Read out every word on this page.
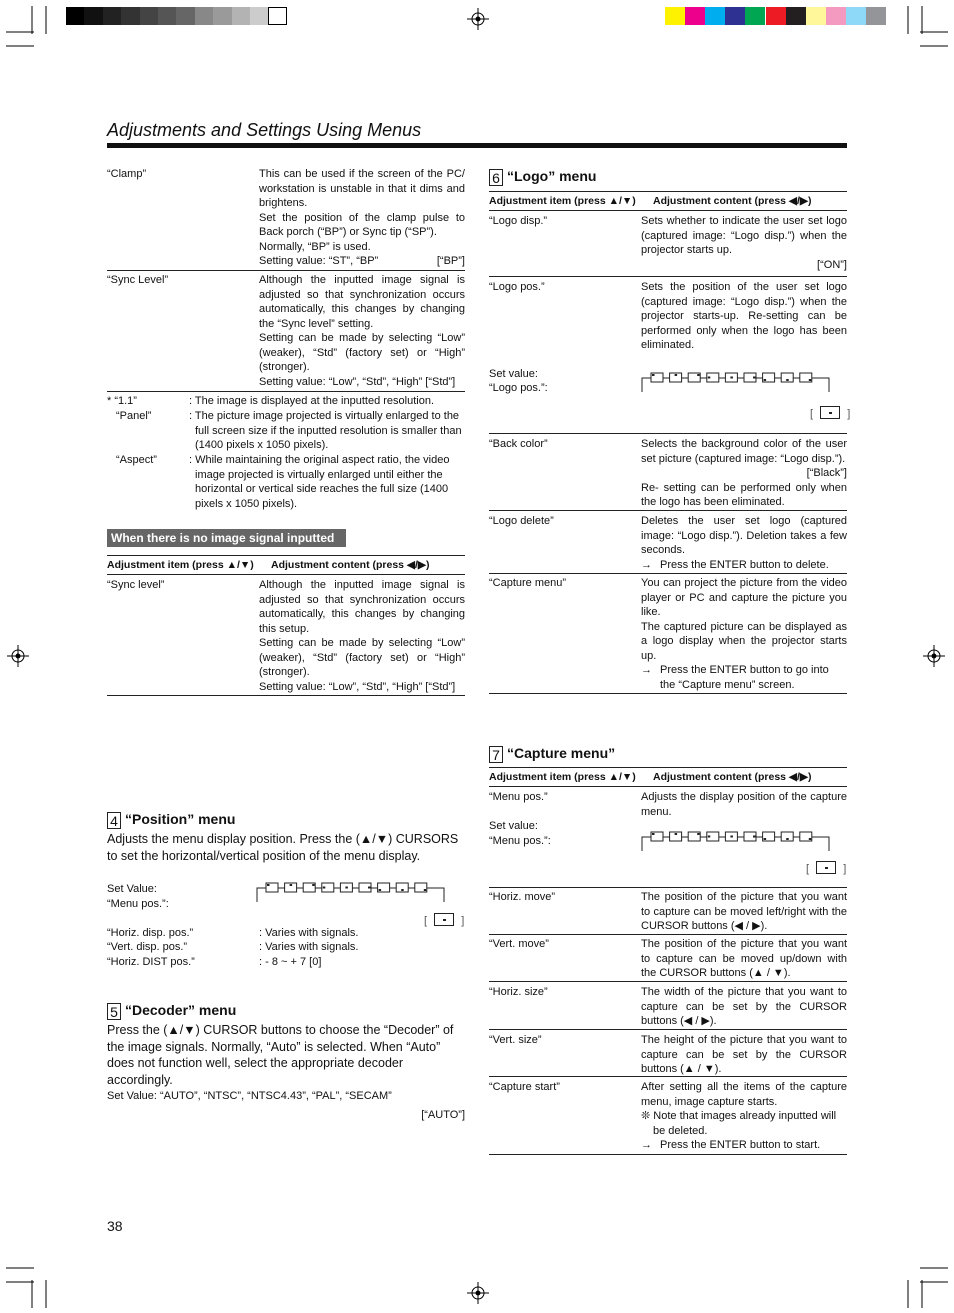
Adjustments and Settings Using Menus
“Clamp”	This can be used if the screen of the PC/ workstation is unstable in that it dims and brightens.
Set the position of the clamp pulse to Back porch (“BP”) or Sync tip (“SP”).
Normally, “BP” is used.
Setting value: “ST”, “BP”	[“BP”]
“Sync Level”	Although the inputted image signal is adjusted so that synchronization occurs automatically, this changes by changing the “Sync level” setting.
Setting can be made by selecting “Low” (weaker), “Std” (factory set) or “High” (stronger).
Setting value: “Low”, “Std”, “High” [“Std”]
* “1.1”	: The image is displayed at the inputted resolution.
“Panel”	: The picture image projected is virtually enlarged to the full screen size if the inputted resolution is smaller than (1400 pixels x 1050 pixels).
“Aspect”	: While maintaining the original aspect ratio, the video image projected is virtually enlarged until either the horizontal or vertical side reaches the full size (1400 pixels x 1050 pixels).
When there is no image signal inputted
Adjustment item (press ▲/▼) Adjustment content (press ◀/▶)
“Sync level”	Although the inputted image signal is adjusted so that synchronization occurs automatically, this changes by changing this setup.
Setting can be made by selecting “Low” (weaker), “Std” (factory set) or “High” (stronger).
Setting value: “Low”, “Std”, “High” [“Std”]
4 “Position” menu
Adjusts the menu display position. Press the (▲/▼) CURSORS to set the horizontal/vertical position of the menu display.
Set Value:
“Menu pos.”:
[	]
“Horiz. disp. pos.”	: Varies with signals.
“Vert. disp. pos.”	: Varies with signals.
“Horiz. DIST pos.”	: - 8 ~ + 7 [0]
5 “Decoder” menu
Press the (▲/▼) CURSOR buttons to choose the “Decoder” of the image signals. Normally, “Auto” is selected. When “Auto” does not function well, select the appropriate decoder accordingly.
Set Value: “AUTO”, “NTSC”, “NTSC4.43”, “PAL”, “SECAM”
[“AUTO”]
38
6 “Logo” menu
Adjustment item (press ▲/▼) Adjustment content (press ◀/▶)
“Logo disp.”	Sets whether to indicate the user set logo (captured image: “Logo disp.”) when the projector starts up.
[“ON”]
“Logo pos.”	Sets the position of the user set logo (captured image: “Logo disp.”) when the projector starts-up. Re-setting can be performed only when the logo has been eliminated.
Set value:
“Logo pos.”:
[	]
“Back color”	Selects the background color of the user set picture (captured image: “Logo disp.”).
[“Black”]
Re- setting can be performed only when the logo has been eliminated.
“Logo delete”	Deletes the user set logo (captured image: “Logo disp.”). Deletion takes a few seconds.
→ Press the ENTER button to delete.
“Capture menu”	You can project the picture from the video player or PC and capture the picture you like.
The captured picture can be displayed as a logo display when the projector starts up.
→ Press the ENTER button to go into the “Capture menu” screen.
7 “Capture menu”
Adjustment item (press ▲/▼) Adjustment content (press ◀/▶)
“Menu pos.”	Adjusts the display position of the capture menu.
Set value:
“Menu pos.”:
[	]
“Horiz. move”	The position of the picture that you want to capture can be moved left/right with the CURSOR buttons (◀ / ▶).
“Vert. move”	The position of the picture that you want to capture can be moved up/down with the CURSOR buttons (▲ / ▼).
“Horiz. size”	The width of the picture that you want to capture can be set by the CURSOR buttons (◀ / ▶).
“Vert. size”	The height of the picture that you want to capture can be set by the CURSOR buttons (▲ / ▼).
“Capture start”	After setting all the items of the capture menu, image capture starts.
❊ Note that images already inputted will be deleted.
→ Press the ENTER button to start.
